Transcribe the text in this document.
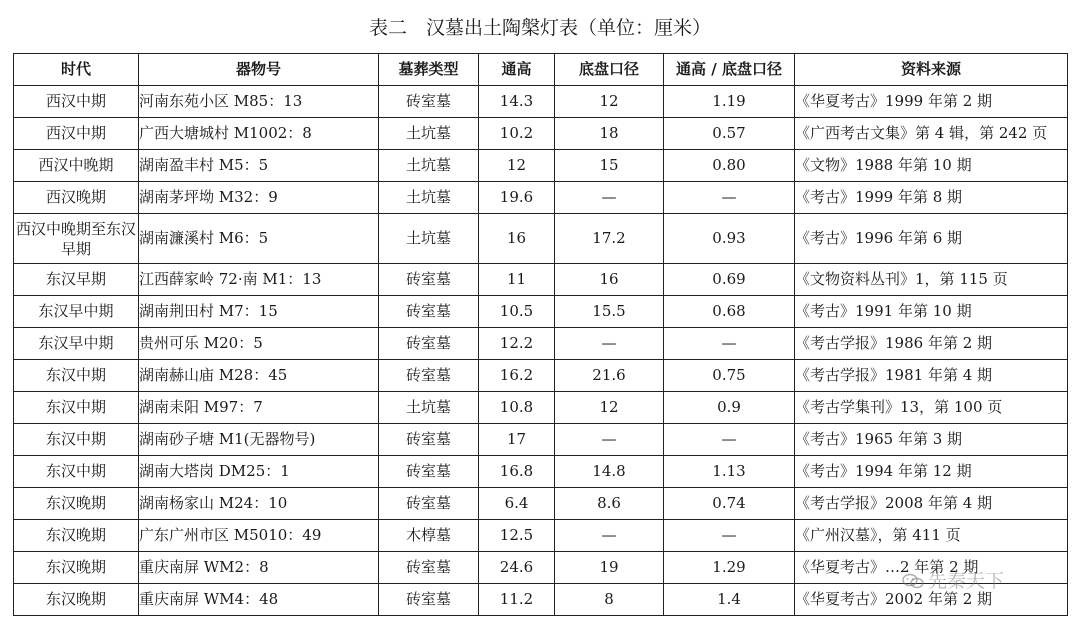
表二　汉墓出土陶槃灯表（单位：厘米）
时代	器物号	墓葬类型	通高	底盘口径	通高 / 底盘口径	资料来源
西汉中期	河南东苑小区 M85：13	砖室墓	14.3	12	1.19	《华夏考古》1999 年第 2 期
西汉中期	广西大塘城村 M1002：8	土坑墓	10.2	18	0.57	《广西考古文集》第 4 辑，第 242 页
西汉中晚期	湖南盈丰村 M5：5	土坑墓	12	15	0.80	《文物》1988 年第 10 期
西汉晚期	湖南茅坪坳 M32：9	土坑墓	19.6	—	—	《考古》1999 年第 8 期
西汉中晚期至东汉早期	湖南濂溪村 M6：5	土坑墓	16	17.2	0.93	《考古》1996 年第 6 期
东汉早期	江西薛家岭 72·南 M1：13	砖室墓	11	16	0.69	《文物资料丛刊》1，第 115 页
东汉早中期	湖南荆田村 M7：15	砖室墓	10.5	15.5	0.68	《考古》1991 年第 10 期
东汉早中期	贵州可乐 M20：5	砖室墓	12.2	—	—	《考古学报》1986 年第 2 期
东汉中期	湖南赫山庙 M28：45	砖室墓	16.2	21.6	0.75	《考古学报》1981 年第 4 期
东汉中期	湖南耒阳 M97：7	土坑墓	10.8	12	0.9	《考古学集刊》13，第 100 页
东汉中期	湖南砂子塘 M1(无器物号)	砖室墓	17	—	—	《考古》1965 年第 3 期
东汉中期	湖南大塔岗 DM25：1	砖室墓	16.8	14.8	1.13	《考古》1994 年第 12 期
东汉晚期	湖南杨家山 M24：10	砖室墓	6.4	8.6	0.74	《考古学报》2008 年第 4 期
东汉晚期	广东广州市区 M5010：49	木椁墓	12.5	—	—	《广州汉墓》，第 411 页
东汉晚期	重庆南屏 WM2：8	砖室墓	24.6	19	1.29	《华夏考古》…2 年第 2 期
东汉晚期	重庆南屏 WM4：48	砖室墓	11.2	8	1.4	《华夏考古》2002 年第 2 期
先秦天下
